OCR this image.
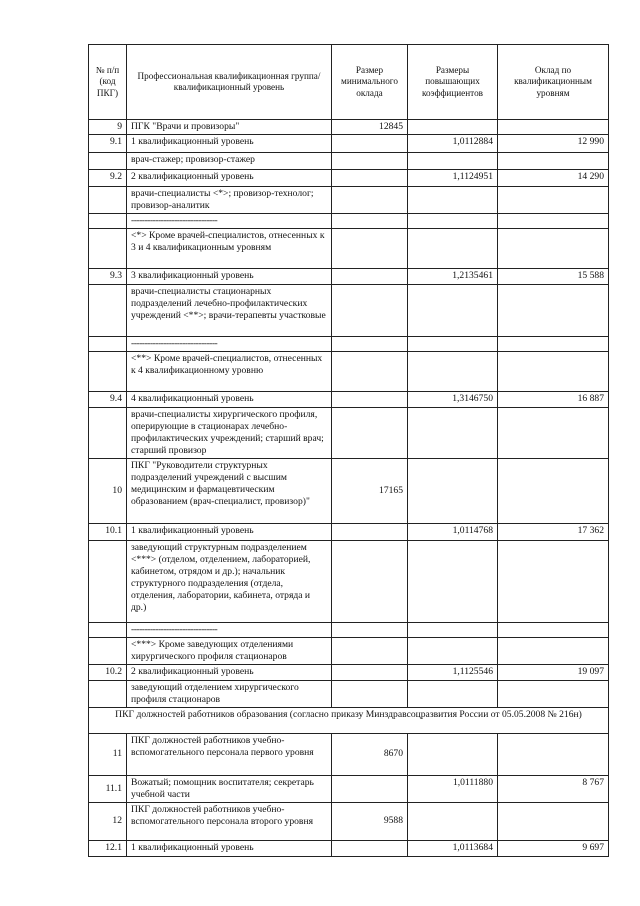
№ п/п (код ПКГ)	Профессиональная квалификационная группа/квалификационный уровень	Размер минимального оклада	Размеры повышающих коэффициентов	Оклад по квалификационным уровням
9	ПГК "Врачи и провизоры"	12845		
9.1	1 квалификационный уровень		1,0112884	12 990
	врач-стажер; провизор-стажер			
9.2	2 квалификационный уровень		1,1124951	14 290
	врачи-специалисты <*>; провизор-технолог; провизор-аналитик			
	--------------------------------			
	<*> Кроме врачей-специалистов, отнесенных к 3 и 4 квалификационным уровням			
9.3	3 квалификационный уровень		1,2135461	15 588
	врачи-специалисты стационарных подразделений лечебно-профилактических учреждений <**>; врачи-терапевты участковые			
	--------------------------------			
	<**> Кроме врачей-специалистов, отнесенных к 4 квалификационному уровню			
9.4	4 квалификационный уровень		1,3146750	16 887
	врачи-специалисты хирургического профиля, оперирующие в стационарах лечебно-профилактических учреждений; старший врач; старший провизор			
10	ПКГ "Руководители структурных подразделений учреждений с высшим медицинским и фармацевтическим образованием (врач-специалист, провизор)"	17165		
10.1	1 квалификационный уровень		1,0114768	17 362
	заведующий структурным подразделением <***> (отделом, отделением, лабораторией, кабинетом, отрядом и др.); начальник структурного подразделения (отдела, отделения, лаборатории, кабинета, отряда и др.)			
	--------------------------------			
	<***> Кроме заведующих отделениями хирургического профиля стационаров			
10.2	2 квалификационный уровень		1,1125546	19 097
	заведующий отделением хирургического профиля стационаров			
ПКГ должностей работников образования (согласно приказу Минздравсоцразвития России от 05.05.2008 № 216н)				
11	ПКГ должностей работников учебно-вспомогательного персонала первого уровня	8670		
11.1	Вожатый; помощник воспитателя; секретарь учебной части		1,0111880	8 767
12	ПКГ должностей работников учебно-вспомогательного персонала второго уровня	9588		
12.1	1 квалификационный уровень		1,0113684	9 697
